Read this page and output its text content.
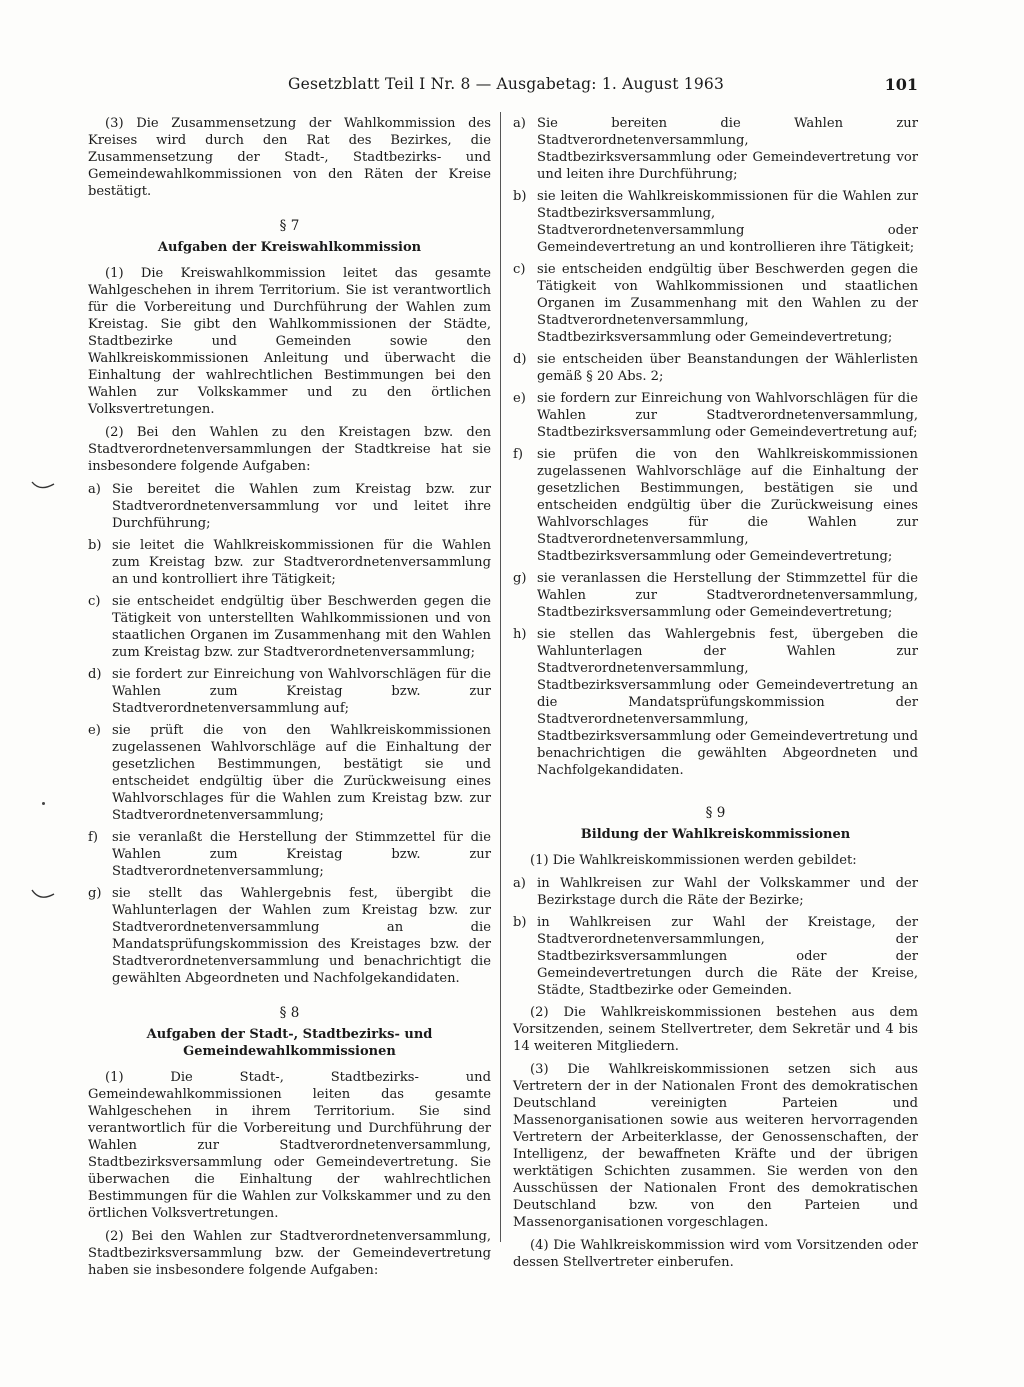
Gesetzblatt Teil I Nr. 8 — Ausgabetag: 1. August 1963	101

(3) Die Zusammensetzung der Wahlkommission des Kreises wird durch den Rat des Bezirkes, die Zusammensetzung der Stadt-, Stadtbezirks- und Gemeindewahlkommissionen von den Räten der Kreise bestätigt.

§ 7
Aufgaben der Kreiswahlkommission

(1) Die Kreiswahlkommission leitet das gesamte Wahlgeschehen in ihrem Territorium. Sie ist verantwortlich für die Vorbereitung und Durchführung der Wahlen zum Kreistag. Sie gibt den Wahlkommissionen der Städte, Stadtbezirke und Gemeinden sowie den Wahlkreiskommissionen Anleitung und überwacht die Einhaltung der wahlrechtlichen Bestimmungen bei den Wahlen zur Volkskammer und zu den örtlichen Volksvertretungen.

(2) Bei den Wahlen zu den Kreistagen bzw. den Stadtverordnetenversammlungen der Stadtkreise hat sie insbesondere folgende Aufgaben:

a) Sie bereitet die Wahlen zum Kreistag bzw. zur Stadtverordnetenversammlung vor und leitet ihre Durchführung;
b) sie leitet die Wahlkreiskommissionen für die Wahlen zum Kreistag bzw. zur Stadtverordnetenversammlung an und kontrolliert ihre Tätigkeit;
c) sie entscheidet endgültig über Beschwerden gegen die Tätigkeit von unterstellten Wahlkommissionen und von staatlichen Organen im Zusammenhang mit den Wahlen zum Kreistag bzw. zur Stadtverordnetenversammlung;
d) sie fordert zur Einreichung von Wahlvorschlägen für die Wahlen zum Kreistag bzw. zur Stadtverordnetenversammlung auf;
e) sie prüft die von den Wahlkreiskommissionen zugelassenen Wahlvorschläge auf die Einhaltung der gesetzlichen Bestimmungen, bestätigt sie und entscheidet endgültig über die Zurückweisung eines Wahlvorschlages für die Wahlen zum Kreistag bzw. zur Stadtverordnetenversammlung;
f)	sie veranlaßt die Herstellung der Stimmzettel für die Wahlen zum Kreistag bzw. zur Stadtverordnetenversammlung;
g) sie stellt das Wahlergebnis fest, übergibt die Wahlunterlagen der Wahlen zum Kreistag bzw. zur Stadtverordnetenversammlung an die Mandatsprüfungskommission des Kreistages bzw. der Stadtverordnetenversammlung und benachrichtigt die gewählten Abgeordneten und Nachfolgekandidaten.
§ 8
Aufgaben der Stadt-, Stadtbezirks- und Gemeindewahlkommissionen

(1) Die Stadt-, Stadtbezirks- und Gemeindewahlkommissionen leiten das gesamte Wahlgeschehen in ihrem Territorium. Sie sind verantwortlich für die Vorbereitung und Durchführung der Wahlen zur Stadtverordnetenversammlung, Stadtbezirksversammlung oder Gemeindevertretung. Sie überwachen die Einhaltung der wahlrechtlichen Bestimmungen für die Wahlen zur Volkskammer und zu den örtlichen Volksvertretungen.

(2) Bei den Wahlen zur Stadtverordnetenversammlung, Stadtbezirksversammlung bzw. der Gemeindevertretung haben sie insbesondere folgende Aufgaben:

a) Sie bereiten die Wahlen zur Stadtverordnetenversammlung, Stadtbezirksversammlung oder Gemeindevertretung vor und leiten ihre Durchführung;
b) sie leiten die Wahlkreiskommissionen für die Wahlen zur Stadtbezirksversammlung, Stadtverordnetenversammlung oder Gemeindevertretung an und kontrollieren ihre Tätigkeit;
c) sie entscheiden endgültig über Beschwerden gegen die Tätigkeit von Wahlkommissionen und staatlichen Organen im Zusammenhang mit den Wahlen zu der Stadtverordnetenversammlung, Stadtbezirksversammlung oder Gemeindevertretung;
d) sie entscheiden über Beanstandungen der Wählerlisten gemäß § 20 Abs. 2;
e) sie fordern zur Einreichung von Wahlvorschlägen für die Wahlen zur Stadtverordnetenversammlung, Stadtbezirksversammlung oder Gemeindevertretung auf;
f)	sie prüfen die von den Wahlkreiskommissionen zugelassenen Wahlvorschläge auf die Einhaltung der gesetzlichen Bestimmungen, bestätigen sie und entscheiden endgültig über die Zurückweisung eines Wahlvorschlages für die Wahlen zur Stadtverordnetenversammlung, Stadtbezirksversammlung oder Gemeindevertretung;
g) sie veranlassen die Herstellung der Stimmzettel für die Wahlen zur Stadtverordnetenversammlung, Stadtbezirksversammlung oder Gemeindevertretung;
h) sie stellen das Wahlergebnis fest, übergeben die Wahlunterlagen der Wahlen zur Stadtverordnetenversammlung, Stadtbezirksversammlung oder Gemeindevertretung an die Mandatsprüfungskommission der Stadtverordnetenversammlung, Stadtbezirksversammlung oder Gemeindevertretung und benachrichtigen die gewählten Abgeordneten und Nachfolgekandidaten.
§ 9
Bildung der Wahlkreiskommissionen

(1) Die Wahlkreiskommissionen werden gebildet:

a) in Wahlkreisen zur Wahl der Volkskammer und der Bezirkstage durch die Räte der Bezirke;
b) in Wahlkreisen zur Wahl der Kreistage, der Stadtverordnetenversammlungen, der Stadtbezirksversammlungen oder der Gemeindevertretungen durch die Räte der Kreise, Städte, Stadtbezirke oder Gemeinden.

(2) Die Wahlkreiskommissionen bestehen aus dem Vorsitzenden, seinem Stellvertreter, dem Sekretär und 4 bis 14 weiteren Mitgliedern.

(3) Die Wahlkreiskommissionen setzen sich aus Vertretern der in der Nationalen Front des demokratischen Deutschland vereinigten Parteien und Massenorganisationen sowie aus weiteren hervorragenden Vertretern der Arbeiterklasse, der Genossenschaften, der Intelligenz, der bewaffneten Kräfte und der übrigen werktätigen Schichten zusammen. Sie werden von den Ausschüssen der Nationalen Front des demokratischen Deutschland bzw. von den Parteien und Massenorganisationen vorgeschlagen.

(4) Die Wahlkreiskommission wird vom Vorsitzenden oder dessen Stellvertreter einberufen.
